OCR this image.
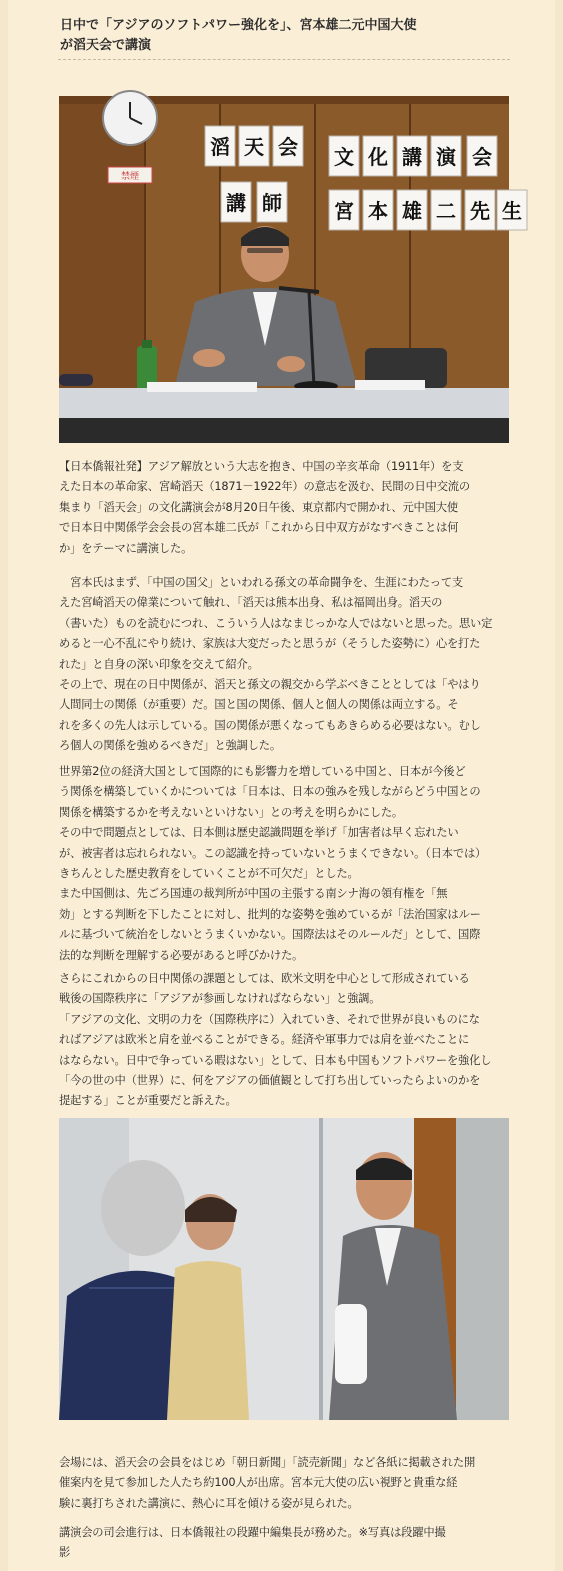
日中で「アジアのソフトパワー強化を」、宮本雄二元中国大使
が滔天会で講演
禁煙
滔 天 会 文 化 講 演 会
講 師	宮 本 雄 二 先 生
【日本僑報社発】アジア解放という大志を抱き、中国の辛亥革命（1911年）を支
えた日本の革命家、宮崎滔天（1871－1922年）の意志を汲む、民間の日中交流の
集まり「滔天会」の文化講演会が8月20日午後、東京都内で開かれ、元中国大使
で日本日中関係学会会長の宮本雄二氏が「これから日中双方がなすべきことは何
か」をテーマに講演した。
　宮本氏はまず、「中国の国父」といわれる孫文の革命闘争を、生涯にわたって支
えた宮崎滔天の偉業について触れ、「滔天は熊本出身、私は福岡出身。滔天の
（書いた）ものを読むにつれ、こういう人はなまじっかな人ではないと思った。思い定
めると一心不乱にやり続け、家族は大変だったと思うが（そうした姿勢に）心を打た
れた」と自身の深い印象を交えて紹介。
その上で、現在の日中関係が、滔天と孫文の親交から学ぶべきこととしては「やはり
人間同士の関係（が重要）だ。国と国の関係、個人と個人の関係は両立する。そ
れを多くの先人は示している。国の関係が悪くなってもあきらめる必要はない。むし
ろ個人の関係を強めるべきだ」と強調した。
世界第2位の経済大国として国際的にも影響力を増している中国と、日本が今後ど
う関係を構築していくかについては「日本は、日本の強みを残しながらどう中国との
関係を構築するかを考えないといけない」との考えを明らかにした。
その中で問題点としては、日本側は歴史認識問題を挙げ「加害者は早く忘れたい
が、被害者は忘れられない。この認識を持っていないとうまくできない。（日本では）
きちんとした歴史教育をしていくことが不可欠だ」とした。
また中国側は、先ごろ国連の裁判所が中国の主張する南シナ海の領有権を「無
効」とする判断を下したことに対し、批判的な姿勢を強めているが「法治国家はルー
ルに基づいて統治をしないとうまくいかない。国際法はそのルールだ」として、国際
法的な判断を理解する必要があると呼びかけた。
さらにこれからの日中関係の課題としては、欧米文明を中心として形成されている
戦後の国際秩序に「アジアが参画しなければならない」と強調。
「アジアの文化、文明の力を（国際秩序に）入れていき、それで世界が良いものにな
ればアジアは欧米と肩を並べることができる。経済や軍事力では肩を並べたことに
はならない。日中で争っている暇はない」として、日本も中国もソフトパワーを強化し
「今の世の中（世界）に、何をアジアの価値観として打ち出していったらよいのかを
提起する」ことが重要だと訴えた。
会場には、滔天会の会員をはじめ「朝日新聞」「読売新聞」など各紙に掲載された開
催案内を見て参加した人たち約100人が出席。宮本元大使の広い視野と貴重な経
験に裏打ちされた講演に、熱心に耳を傾ける姿が見られた。
講演会の司会進行は、日本僑報社の段躍中編集長が務めた。※写真は段躍中撮
影
